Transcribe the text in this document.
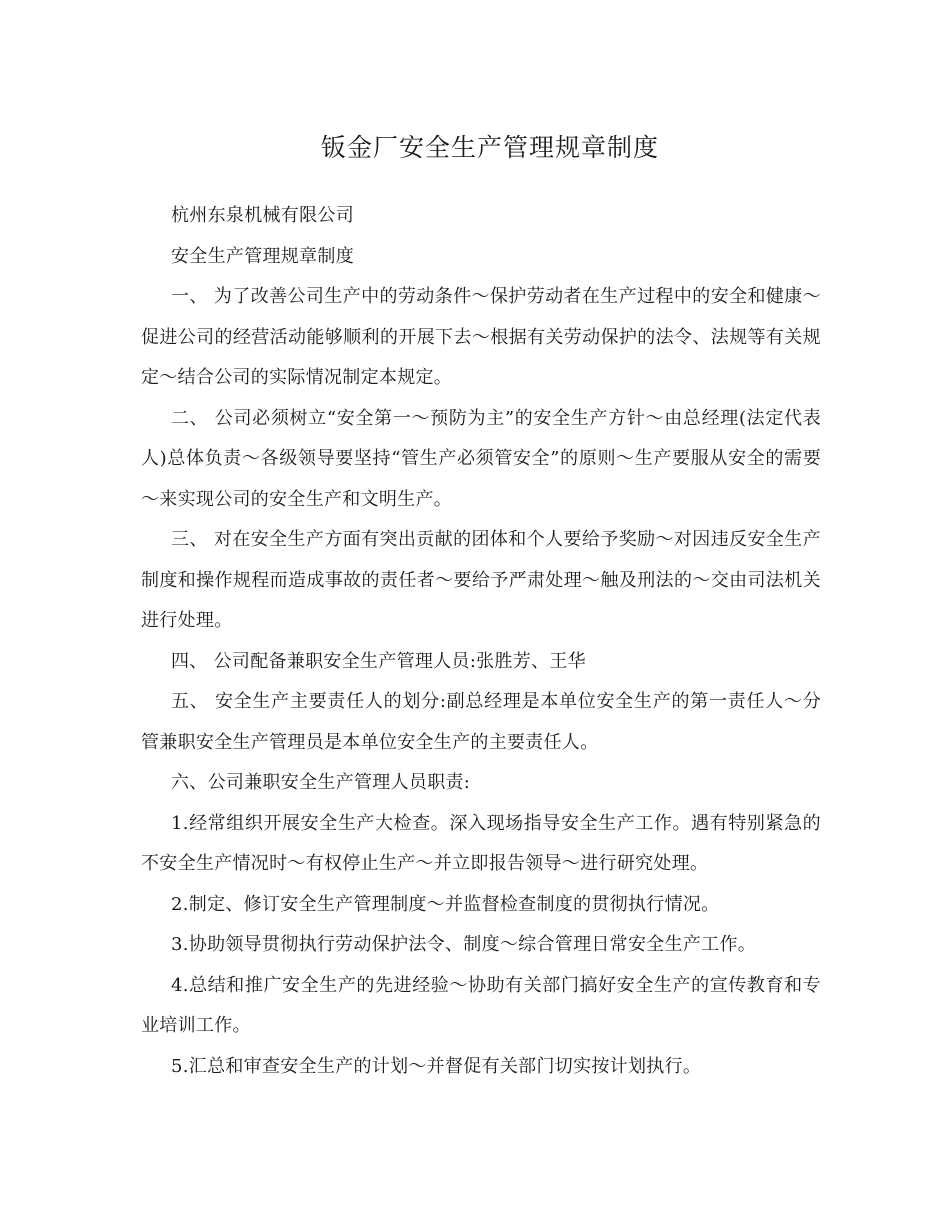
钣金厂安全生产管理规章制度

杭州东泉机械有限公司

安全生产管理规章制度

一、 为了改善公司生产中的劳动条件～保护劳动者在生产过程中的安全和健康～促进公司的经营活动能够顺利的开展下去～根据有关劳动保护的法令、法规等有关规定～结合公司的实际情况制定本规定。

二、 公司必须树立“安全第一～预防为主”的安全生产方针～由总经理(法定代表人)总体负责～各级领导要坚持“管生产必须管安全”的原则～生产要服从安全的需要～来实现公司的安全生产和文明生产。

三、 对在安全生产方面有突出贡献的团体和个人要给予奖励～对因违反安全生产制度和操作规程而造成事故的责任者～要给予严肃处理～触及刑法的～交由司法机关进行处理。

四、 公司配备兼职安全生产管理人员:张胜芳、王华

五、 安全生产主要责任人的划分:副总经理是本单位安全生产的第一责任人～分管兼职安全生产管理员是本单位安全生产的主要责任人。

六、公司兼职安全生产管理人员职责:

1.经常组织开展安全生产大检查。深入现场指导安全生产工作。遇有特别紧急的不安全生产情况时～有权停止生产～并立即报告领导～进行研究处理。

2.制定、修订安全生产管理制度～并监督检查制度的贯彻执行情况。

3.协助领导贯彻执行劳动保护法令、制度～综合管理日常安全生产工作。

4.总结和推广安全生产的先进经验～协助有关部门搞好安全生产的宣传教育和专业培训工作。

5.汇总和审查安全生产的计划～并督促有关部门切实按计划执行。
